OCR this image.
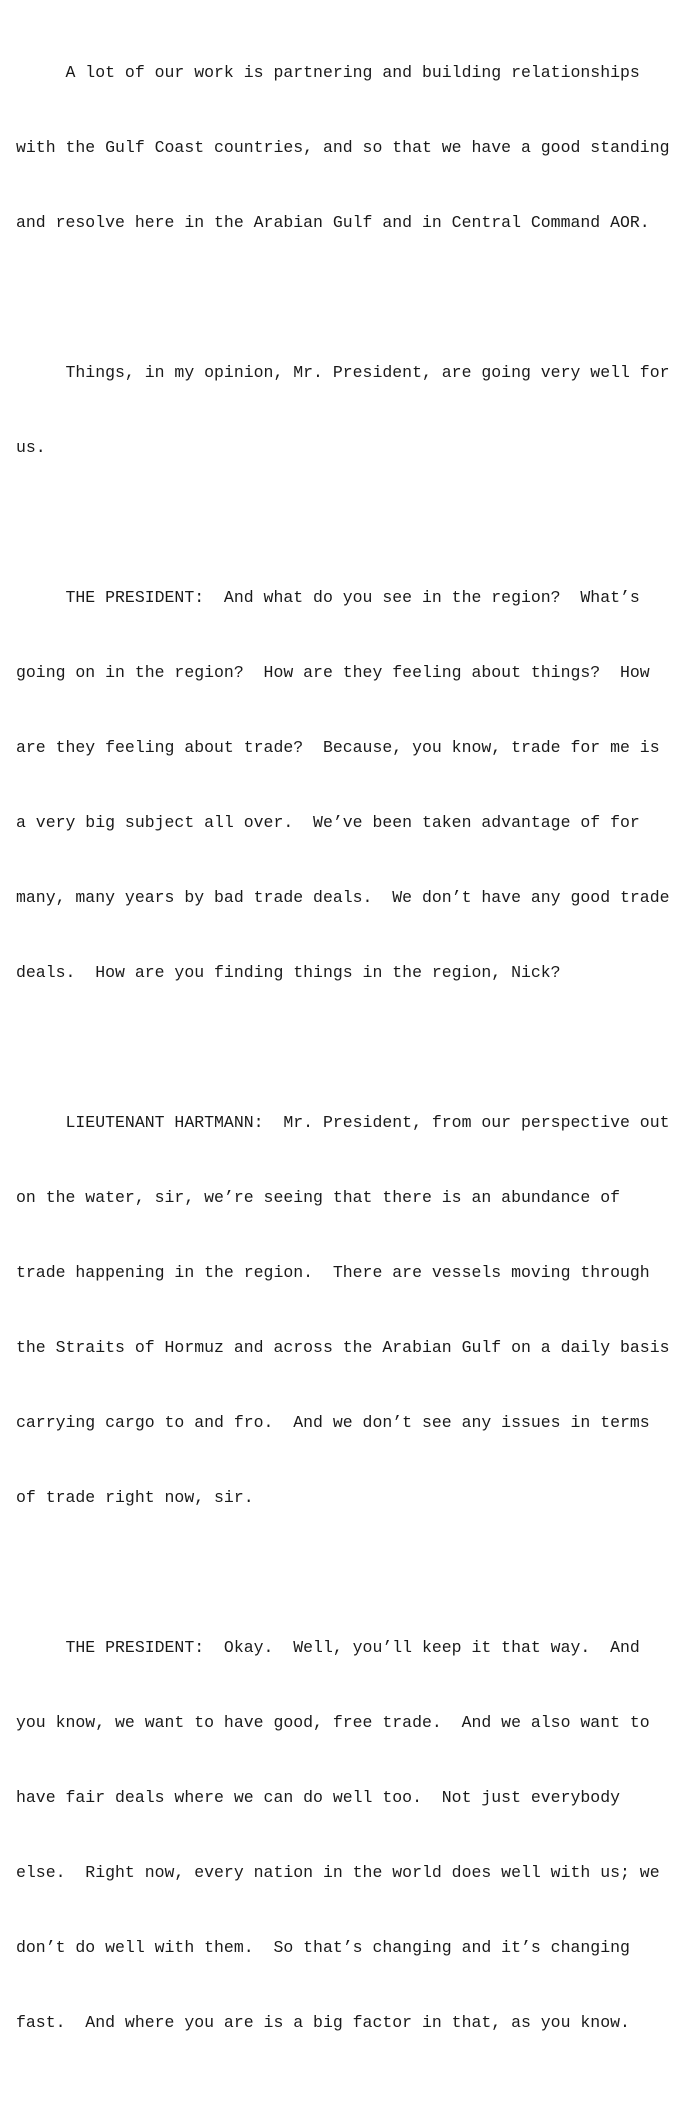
A lot of our work is partnering and building relationships

with the Gulf Coast countries, and so that we have a good standing

and resolve here in the Arabian Gulf and in Central Command AOR.

Things, in my opinion, Mr. President, are going very well for

us.

THE PRESIDENT:  And what do you see in the region?  What’s

going on in the region?  How are they feeling about things?  How

are they feeling about trade?  Because, you know, trade for me is

a very big subject all over.  We’ve been taken advantage of for

many, many years by bad trade deals.  We don’t have any good trade

deals.  How are you finding things in the region, Nick?

LIEUTENANT HARTMANN:  Mr. President, from our perspective out

on the water, sir, we’re seeing that there is an abundance of

trade happening in the region.  There are vessels moving through

the Straits of Hormuz and across the Arabian Gulf on a daily basis

carrying cargo to and fro.  And we don’t see any issues in terms

of trade right now, sir.

THE PRESIDENT:  Okay.  Well, you’ll keep it that way.  And

you know, we want to have good, free trade.  And we also want to

have fair deals where we can do well too.  Not just everybody

else.  Right now, every nation in the world does well with us; we

don’t do well with them.  So that’s changing and it’s changing

fast.  And where you are is a big factor in that, as you know.
